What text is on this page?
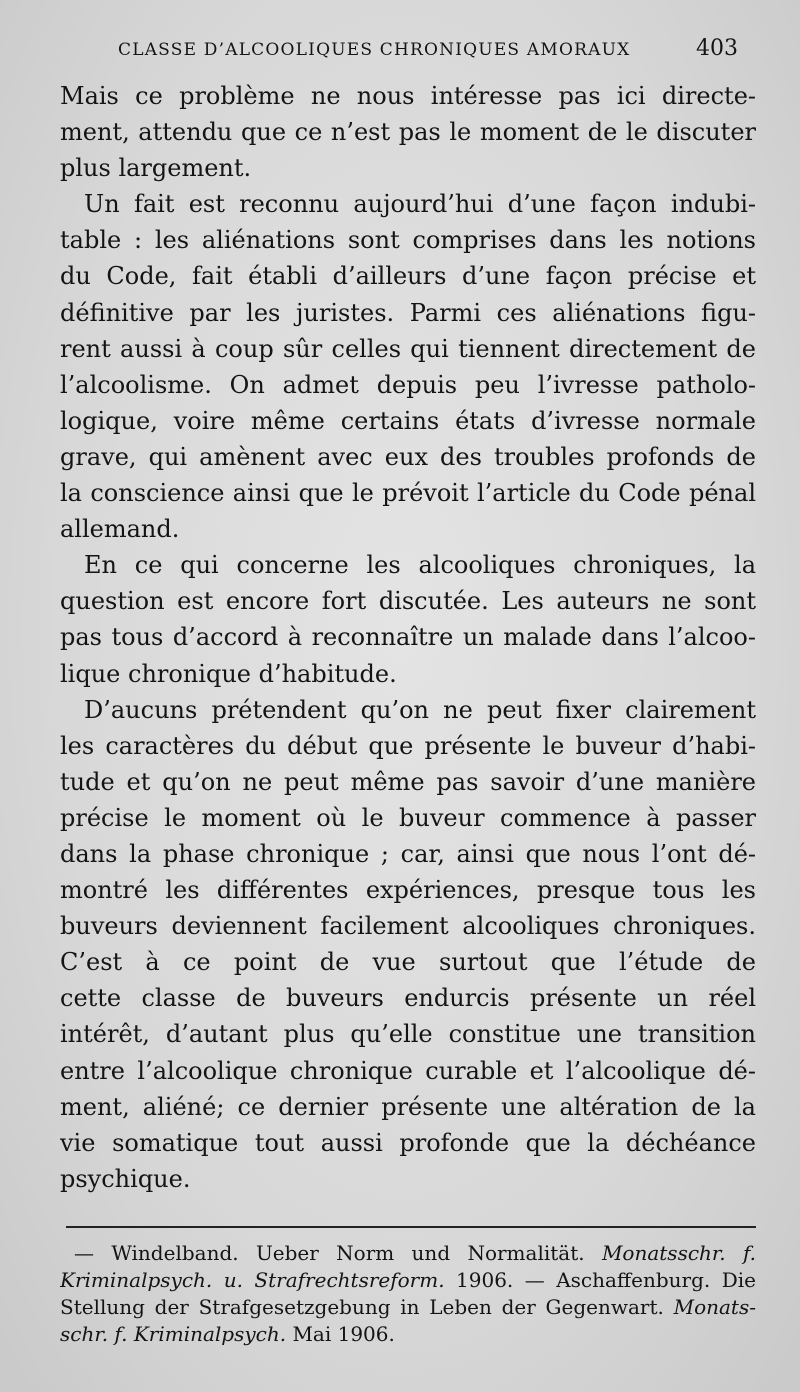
CLASSE D’ALCOOLIQUES CHRONIQUES AMORAUX	403
Mais ce problème ne nous intéresse pas ici directe-
ment, attendu que ce n’est pas le moment de le discuter
plus largement.
Un fait est reconnu aujourd’hui d’une façon indubi-
table : les aliénations sont comprises dans les notions
du Code, fait établi d’ailleurs d’une façon précise et
définitive par les juristes. Parmi ces aliénations figu-
rent aussi à coup sûr celles qui tiennent directement de
l’alcoolisme. On admet depuis peu l’ivresse patholo-
logique, voire même certains états d’ivresse normale
grave, qui amènent avec eux des troubles profonds de
la conscience ainsi que le prévoit l’article du Code pénal
allemand.
En ce qui concerne les alcooliques chroniques, la
question est encore fort discutée. Les auteurs ne sont
pas tous d’accord à reconnaître un malade dans l’alcoo-
lique chronique d’habitude.
D’aucuns prétendent qu’on ne peut fixer clairement
les caractères du début que présente le buveur d’habi-
tude et qu’on ne peut même pas savoir d’une manière
précise le moment où le buveur commence à passer
dans la phase chronique ; car, ainsi que nous l’ont dé-
montré les différentes expériences, presque tous les
buveurs deviennent facilement alcooliques chroniques.
C’est à ce point de vue surtout que l’étude de
cette classe de buveurs endurcis présente un réel
intérêt, d’autant plus qu’elle constitue une transition
entre l’alcoolique chronique curable et l’alcoolique dé-
ment, aliéné; ce dernier présente une altération de la
vie somatique tout aussi profonde que la déchéance
psychique.
— Windelband. Ueber Norm und Normalität. Monatsschr. f.
Kriminalpsych. u. Strafrechtsreform. 1906. — Aschaffenburg. Die
Stellung der Strafgesetzgebung in Leben der Gegenwart. Monats-
schr. f. Kriminalpsych. Mai 1906.
